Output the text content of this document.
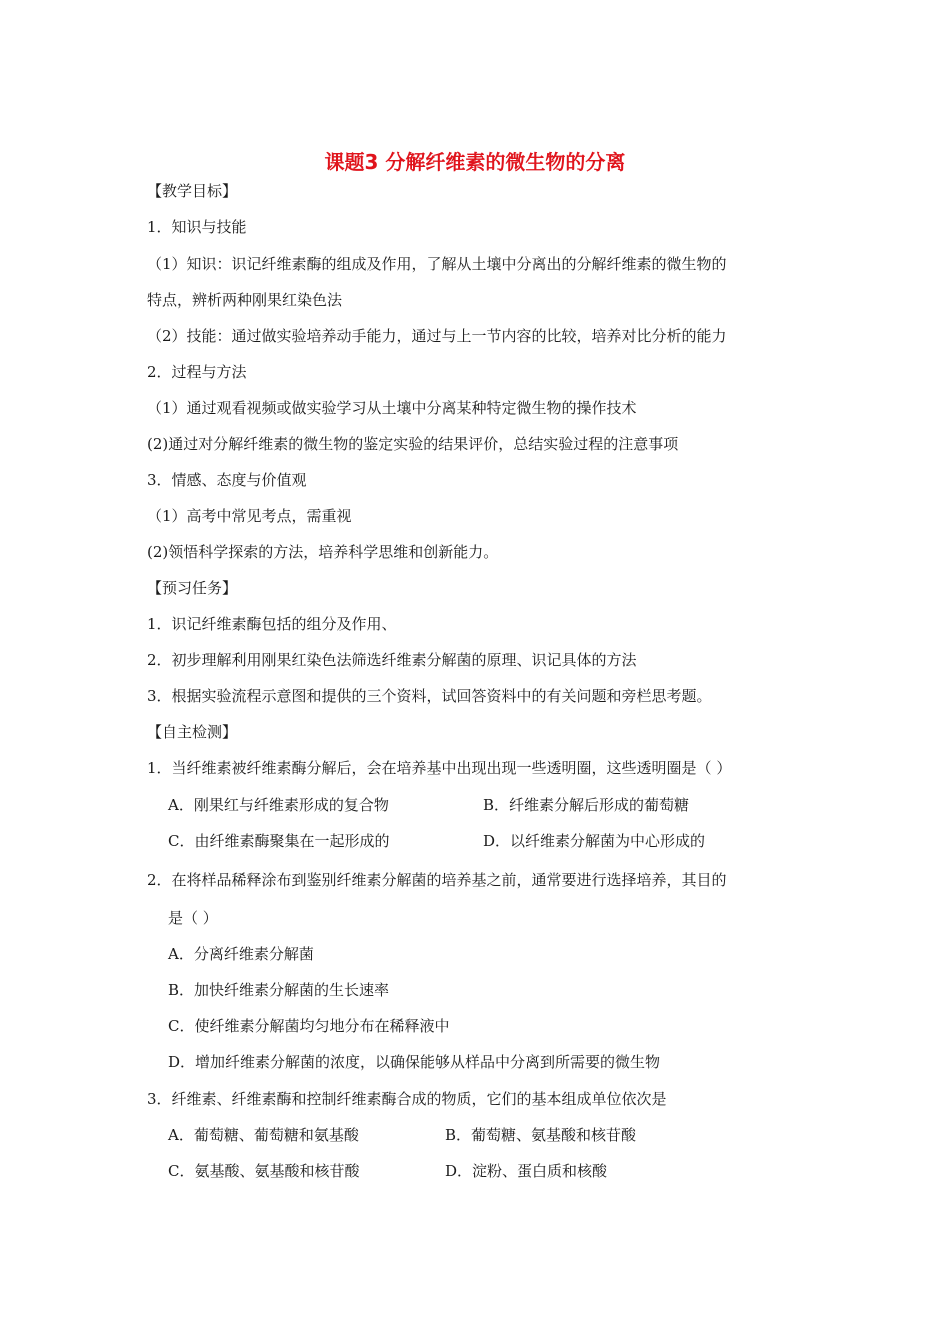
课题3 分解纤维素的微生物的分离
【教学目标】
1．知识与技能
（1）知识：识记纤维素酶的组成及作用，了解从土壤中分离出的分解纤维素的微生物的
特点，辨析两种刚果红染色法
（2）技能：通过做实验培养动手能力，通过与上一节内容的比较，培养对比分析的能力
2．过程与方法
（1）通过观看视频或做实验学习从土壤中分离某种特定微生物的操作技术
(2)通过对分解纤维素的微生物的鉴定实验的结果评价，总结实验过程的注意事项
3．情感、态度与价值观
（1）高考中常见考点，需重视
(2)领悟科学探索的方法，培养科学思维和创新能力。
【预习任务】
1．识记纤维素酶包括的组分及作用、
2．初步理解利用刚果红染色法筛选纤维素分解菌的原理、识记具体的方法
3．根据实验流程示意图和提供的三个资料，试回答资料中的有关问题和旁栏思考题。
【自主检测】
1．当纤维素被纤维素酶分解后，会在培养基中出现出现一些透明圈，这些透明圈是（ ）
A．刚果红与纤维素形成的复合物	B．纤维素分解后形成的葡萄糖
C．由纤维素酶聚集在一起形成的	D．以纤维素分解菌为中心形成的
2．在将样品稀释涂布到鉴别纤维素分解菌的培养基之前，通常要进行选择培养，其目的
是（ ）
A．分离纤维素分解菌
B．加快纤维素分解菌的生长速率
C．使纤维素分解菌均匀地分布在稀释液中
D．增加纤维素分解菌的浓度，以确保能够从样品中分离到所需要的微生物
3．纤维素、纤维素酶和控制纤维素酶合成的物质，它们的基本组成单位依次是
A．葡萄糖、葡萄糖和氨基酸	B．葡萄糖、氨基酸和核苷酸
C．氨基酸、氨基酸和核苷酸	D．淀粉、蛋白质和核酸
